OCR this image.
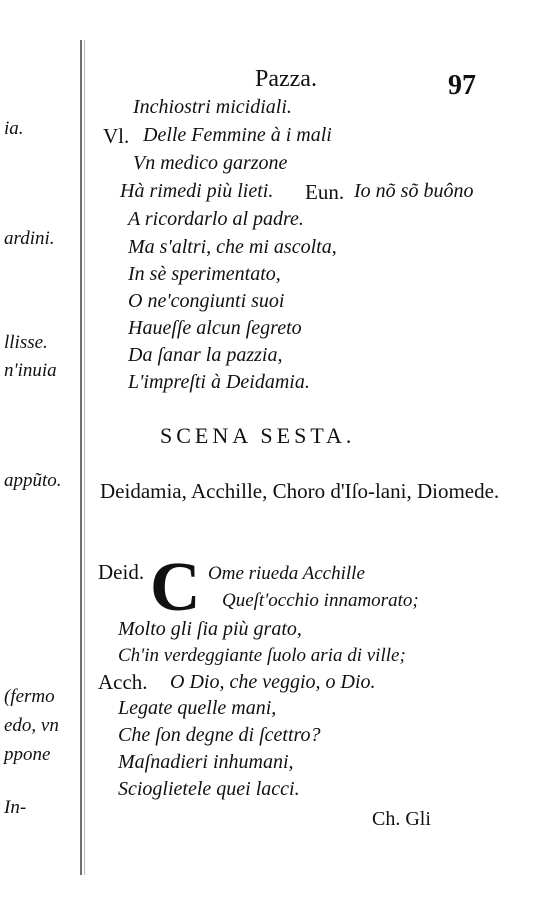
ia.
ardini.
llisse.
n'inuia
appũto.
(fermo
edo, vn
ppone
In-
Pazza.	97
Inchiostri micidiali.
Vl. Delle Femmine à i mali
Vn medico garzone
Hà rimedi più lieti. Eun. Io nõ sõ buôno
A ricordarlo al padre.
Ma s'altri, che mi ascolta,
In sè sperimentato,
O ne'congiunti suoi
Haueſſe alcun ſegreto
Da ſanar la pazzia,
L'impreſti à Deidamia.
SCENA SESTA.
Deidamia, Acchille, Choro d'Iſo-lani, Diomede.
Deid. C Ome riueda Acchille
Queſt'occhio innamorato;
Molto gli ſia più grato,
Ch'in verdeggiante ſuolo aria di ville;
Acch. O Dio, che veggio, o Dio.
Legate quelle mani,
Che ſon degne di ſcettro?
Maſnadieri inhumani,
Scioglietele quei lacci.
Ch. Gli
